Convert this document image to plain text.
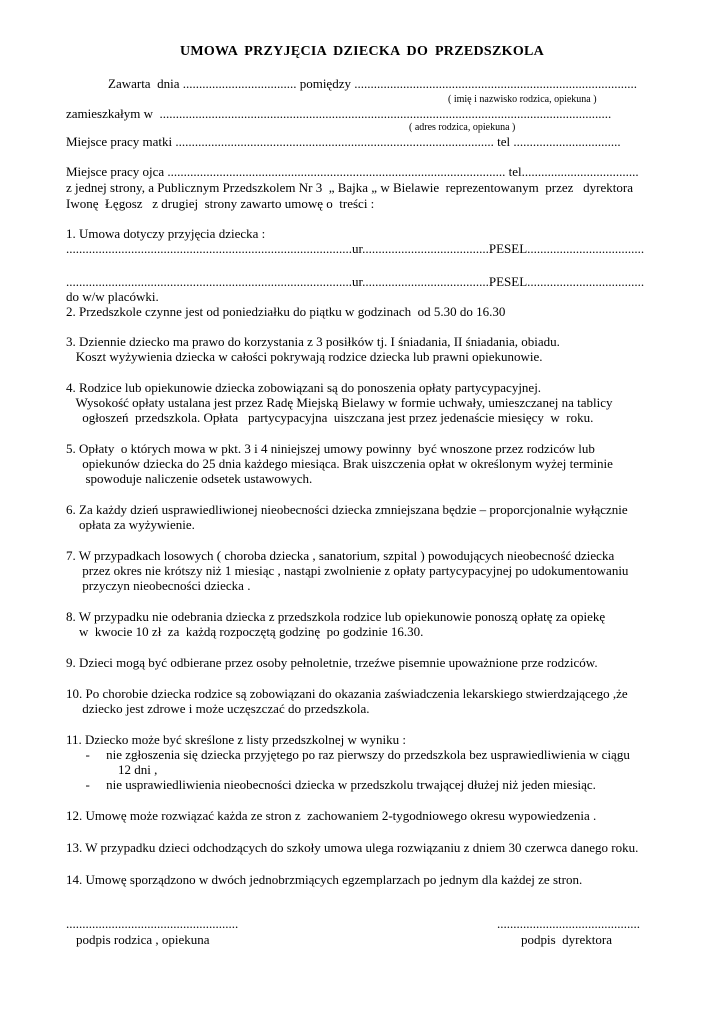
UMOWA PRZYJĘCIA DZIECKA DO PRZEDSZKOLA

Zawarta  dnia ................................... pomiędzy .......................................................................................

( imię i nazwisko rodzica, opiekuna )

zamieszkałym w  ...........................................................................................................................................

( adres rodzica, opiekuna )

Miejsce pracy matki .................................................................................................. tel .................................

Miejsce pracy ojca ........................................................................................................ tel....................................

z jednej strony, a Publicznym Przedszkolem Nr 3  „ Bajka „ w Bielawie  reprezentowanym  przez   dyrektora

Iwonę  Łęgosz   z drugiej  strony zawarto umowę o  treści :

1. Umowa dotyczy przyjęcia dziecka :

........................................................................................ur.......................................PESEL....................................

........................................................................................ur.......................................PESEL....................................

do w/w placówki.

2. Przedszkole czynne jest od poniedziałku do piątku w godzinach  od 5.30 do 16.30

3. Dziennie dziecko ma prawo do korzystania z 3 posiłków tj. I śniadania, II śniadania, obiadu.

Koszt wyżywienia dziecka w całości pokrywają rodzice dziecka lub prawni opiekunowie.

4. Rodzice lub opiekunowie dziecka zobowiązani są do ponoszenia opłaty partycypacyjnej.

Wysokość opłaty ustalana jest przez Radę Miejską Bielawy w formie uchwały, umieszczanej na tablicy

ogłoszeń  przedszkola. Opłata   partycypacyjna  uiszczana jest przez jedenaście miesięcy  w  roku.

5. Opłaty  o których mowa w pkt. 3 i 4 niniejszej umowy powinny  być wnoszone przez rodziców lub

opiekunów dziecka do 25 dnia każdego miesiąca. Brak uiszczenia opłat w określonym wyżej terminie

spowoduje naliczenie odsetek ustawowych.

6. Za każdy dzień usprawiedliwionej nieobecności dziecka zmniejszana będzie – proporcjonalnie wyłącznie

opłata za wyżywienie.

7. W przypadkach losowych ( choroba dziecka , sanatorium, szpital ) powodujących nieobecność dziecka

przez okres nie krótszy niż 1 miesiąc , nastąpi zwolnienie z opłaty partycypacyjnej po udokumentowaniu

przyczyn nieobecności dziecka .

8. W przypadku nie odebrania dziecka z przedszkola rodzice lub opiekunowie ponoszą opłatę za opiekę

w  kwocie 10 zł  za  każdą rozpoczętą godzinę  po godzinie 16.30.

9. Dzieci mogą być odbierane przez osoby pełnoletnie, trzeźwe pisemnie upoważnione prze rodziców.

10. Po chorobie dziecka rodzice są zobowiązani do okazania zaświadczenia lekarskiego stwierdzającego ,że

dziecko jest zdrowe i może uczęszczać do przedszkola.

11. Dziecko może być skreślone z listy przedszkolnej w wyniku :

-     nie zgłoszenia się dziecka przyjętego po raz pierwszy do przedszkola bez usprawiedliwienia w ciągu

12 dni ,

-     nie usprawiedliwienia nieobecności dziecka w przedszkolu trwającej dłużej niż jeden miesiąc.

12. Umowę może rozwiązać każda ze stron z  zachowaniem 2-tygodniowego okresu wypowiedzenia .

13. W przypadku dzieci odchodzących do szkoły umowa ulega rozwiązaniu z dniem 30 czerwca danego roku.

14. Umowę sporządzono w dwóch jednobrzmiących egzemplarzach po jednym dla każdej ze stron.

.....................................................
podpis rodzica , opiekuna
............................................
podpis  dyrektora
